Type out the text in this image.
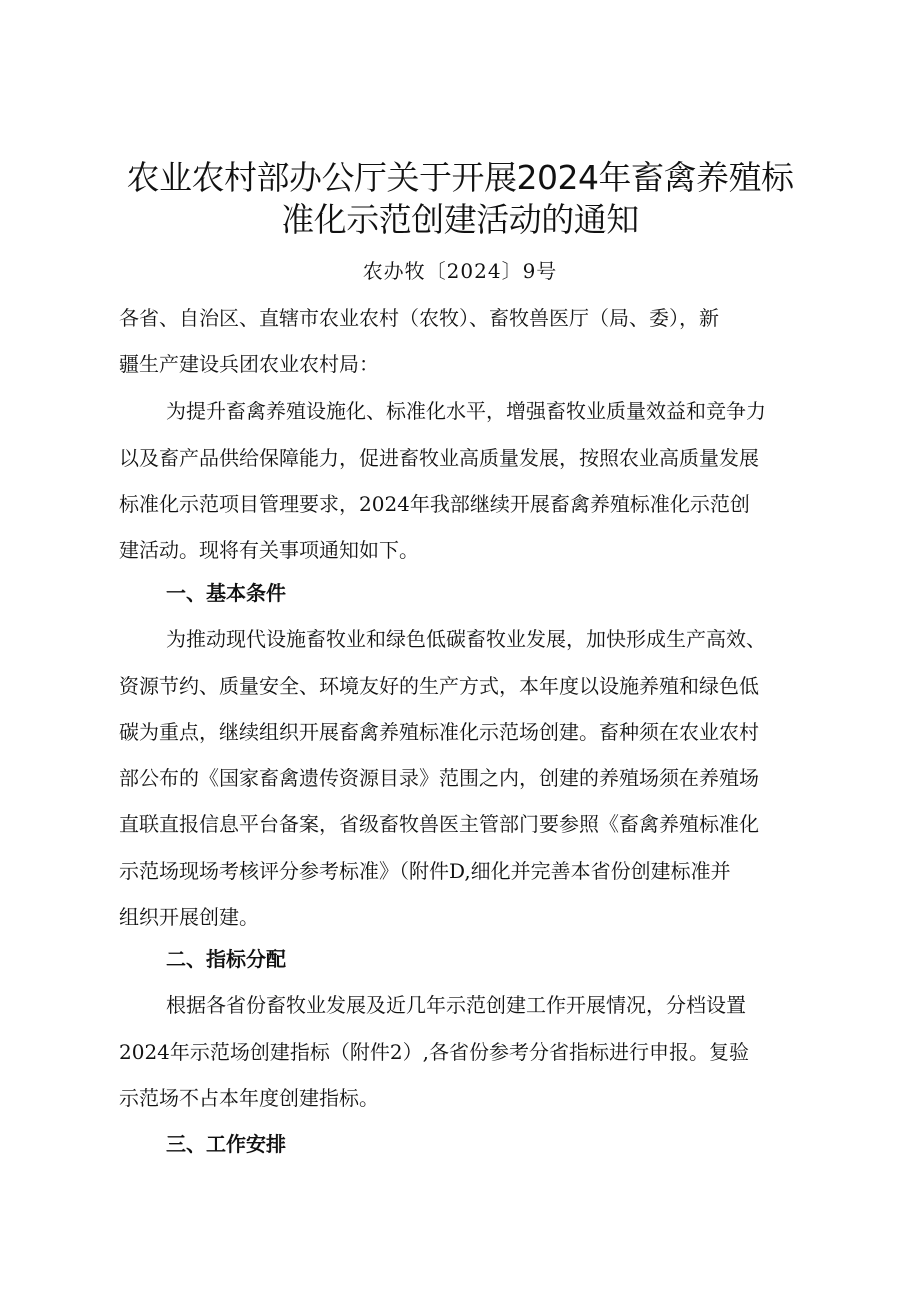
农业农村部办公厅关于开展2024年畜禽养殖标
准化示范创建活动的通知
农办牧〔2024〕9号
各省、自治区、直辖市农业农村（农牧）、畜牧兽医厅（局、委），新
疆生产建设兵团农业农村局：
为提升畜禽养殖设施化、标准化水平，增强畜牧业质量效益和竞争力
以及畜产品供给保障能力，促进畜牧业高质量发展，按照农业高质量发展
标准化示范项目管理要求，2024年我部继续开展畜禽养殖标准化示范创
建活动。现将有关事项通知如下。
一、基本条件
为推动现代设施畜牧业和绿色低碳畜牧业发展，加快形成生产高效、
资源节约、质量安全、环境友好的生产方式，本年度以设施养殖和绿色低
碳为重点，继续组织开展畜禽养殖标准化示范场创建。畜种须在农业农村
部公布的《国家畜禽遗传资源目录》范围之内，创建的养殖场须在养殖场
直联直报信息平台备案，省级畜牧兽医主管部门要参照《畜禽养殖标准化
示范场现场考核评分参考标准》（附件D,细化并完善本省份创建标准并
组织开展创建。
二、指标分配
根据各省份畜牧业发展及近几年示范创建工作开展情况，分档设置
2024年示范场创建指标（附件2）,各省份参考分省指标进行申报。复验
示范场不占本年度创建指标。
三、工作安排
